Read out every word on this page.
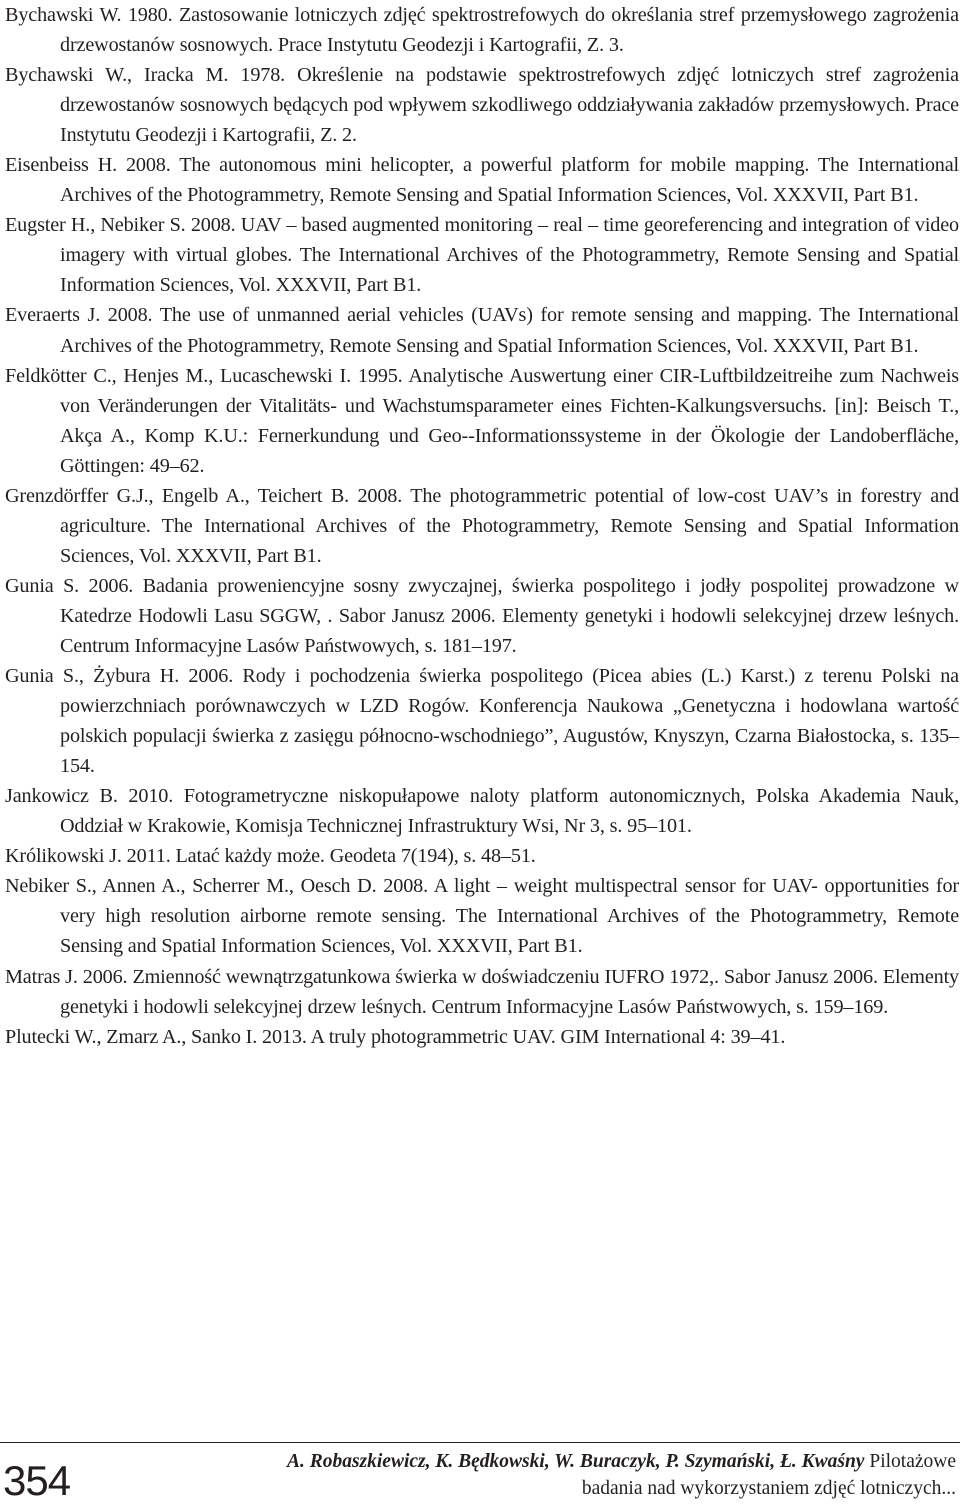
Bychawski W. 1980. Zastosowanie lotniczych zdjęć spektrostrefowych do określania stref przemysłowego zagrożenia drzewostanów sosnowych. Prace Instytutu Geodezji i Kartografii, Z. 3.

Bychawski W., Iracka M. 1978. Określenie na podstawie spektrostrefowych zdjęć lotniczych stref zagrożenia drzewostanów sosnowych będących pod wpływem szkodliwego oddziaływania zakładów przemysłowych. Prace Instytutu Geodezji i Kartografii, Z. 2.

Eisenbeiss H. 2008. The autonomous mini helicopter, a powerful platform for mobile mapping. The International Archives of the Photogrammetry, Remote Sensing and Spatial Information Sciences, Vol. XXXVII, Part B1.

Eugster H., Nebiker S. 2008. UAV – based augmented monitoring – real – time georeferencing and integration of video imagery with virtual globes. The International Archives of the Photogrammetry, Remote Sensing and Spatial Information Sciences, Vol. XXXVII, Part B1.

Everaerts J. 2008. The use of unmanned aerial vehicles (UAVs) for remote sensing and mapping. The International Archives of the Photogrammetry, Remote Sensing and Spatial Information Sciences, Vol. XXXVII, Part B1.

Feldkötter C., Henjes M., Lucaschewski I. 1995. Analytische Auswertung einer CIR-Luftbildzeitreihe zum Nachweis von Veränderungen der Vitalitäts- und Wachstumsparameter eines Fichten-Kalkungsversuchs. [in]: Beisch T., Akça A., Komp K.U.: Fernerkundung und Geo--Informationssysteme in der Ökologie der Landoberfläche, Göttingen: 49–62.

Grenzdörffer G.J., Engelb A., Teichert B. 2008. The photogrammetric potential of low-cost UAV’s in forestry and agriculture. The International Archives of the Photogrammetry, Remote Sensing and Spatial Information Sciences, Vol. XXXVII, Part B1.

Gunia S. 2006. Badania proweniencyjne sosny zwyczajnej, świerka pospolitego i jodły pospolitej prowadzone w Katedrze Hodowli Lasu SGGW, . Sabor Janusz 2006. Elementy genetyki i hodowli selekcyjnej drzew leśnych. Centrum Informacyjne Lasów Państwowych, s. 181–197.

Gunia S., Żybura H. 2006. Rody i pochodzenia świerka pospolitego (Picea abies (L.) Karst.) z terenu Polski na powierzchniach porównawczych w LZD Rogów. Konferencja Naukowa „Genetyczna i hodowlana wartość polskich populacji świerka z zasięgu północno-wschodniego”, Augustów, Knyszyn, Czarna Białostocka, s. 135–154.

Jankowicz B. 2010. Fotogrametryczne niskopułapowe naloty platform autonomicznych, Polska Akademia Nauk, Oddział w Krakowie, Komisja Technicznej Infrastruktury Wsi, Nr 3, s. 95–101.

Królikowski J. 2011. Latać każdy może. Geodeta 7(194), s. 48–51.

Nebiker S., Annen A., Scherrer M., Oesch D. 2008. A light – weight multispectral sensor for UAV- opportunities for very high resolution airborne remote sensing. The International Archives of the Photogrammetry, Remote Sensing and Spatial Information Sciences, Vol. XXXVII, Part B1.

Matras J. 2006. Zmienność wewnątrzgatunkowa świerka w doświadczeniu IUFRO 1972,. Sabor Janusz 2006. Elementy genetyki i hodowli selekcyjnej drzew leśnych. Centrum Informacyjne Lasów Państwowych, s. 159–169.

Plutecki W., Zmarz A., Sanko I. 2013. A truly photogrammetric UAV. GIM International 4: 39–41.

354	A. Robaszkiewicz, K. Będkowski, W. Buraczyk, P. Szymański, Ł. Kwaśny Pilotażowe
badania nad wykorzystaniem zdjęć lotniczych...
